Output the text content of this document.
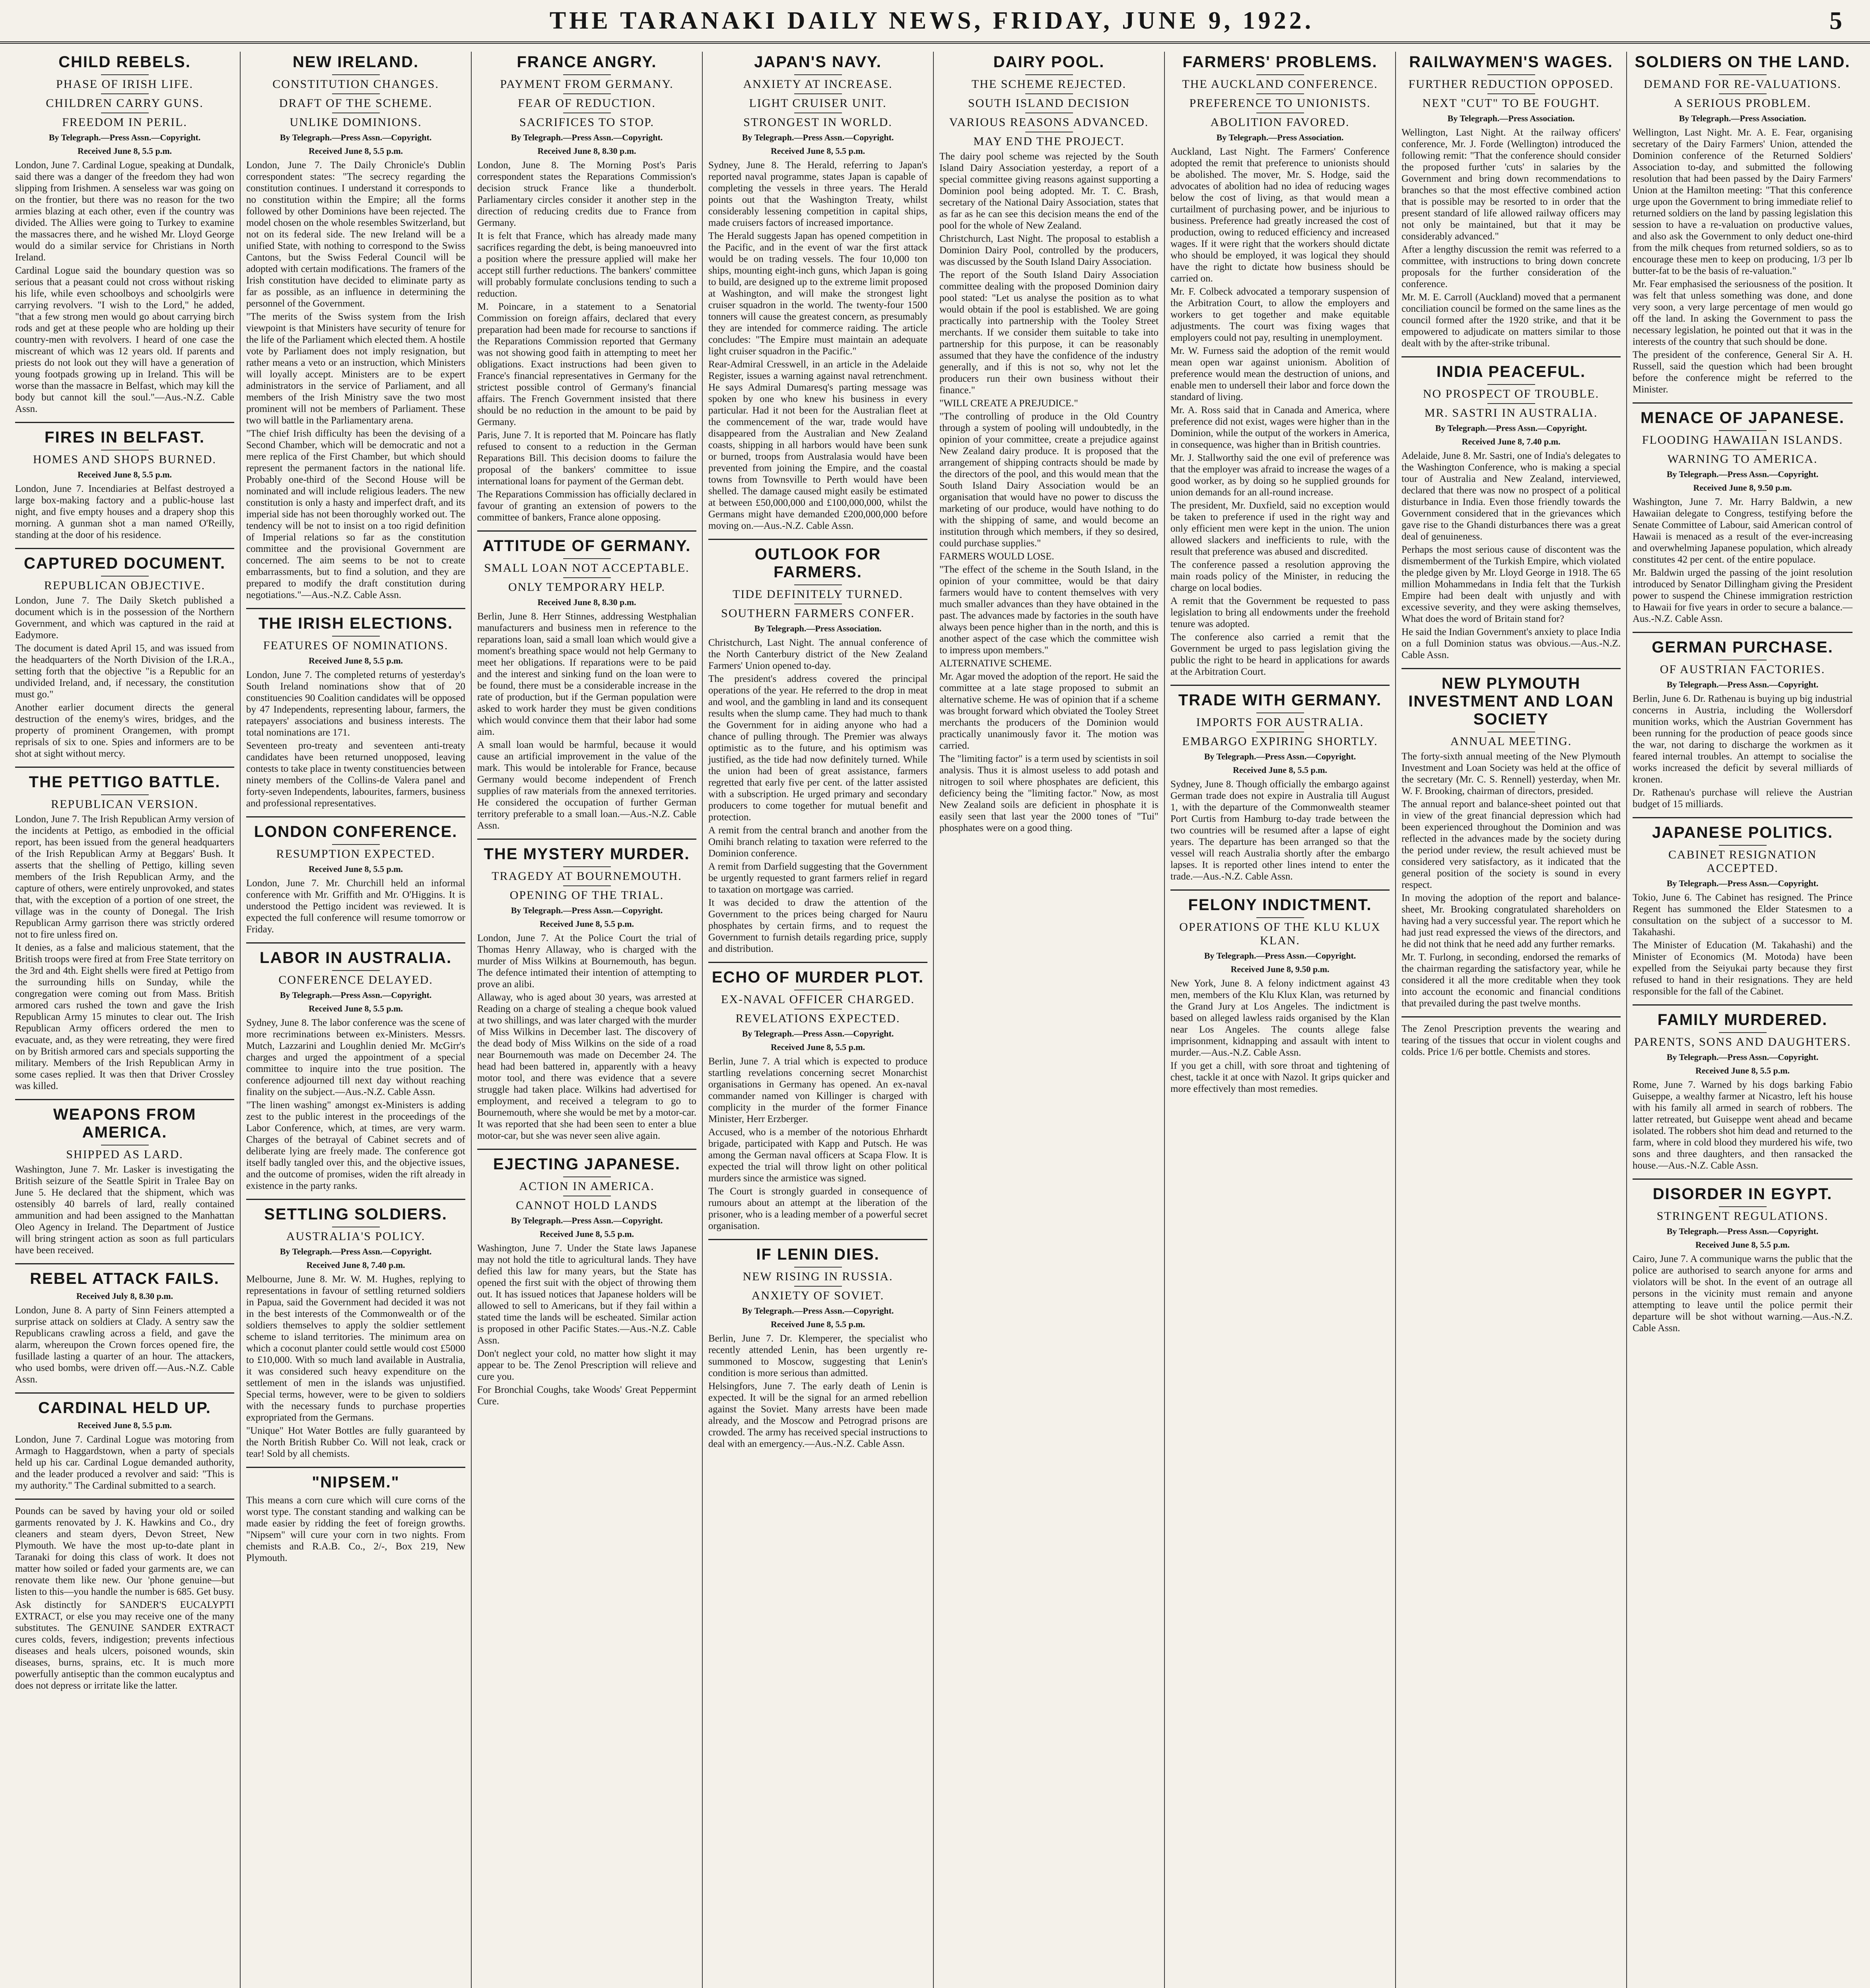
THE TARANAKI DAILY NEWS, FRIDAY, JUNE 9, 1922.	5
CHILD REBELS.
PHASE OF IRISH LIFE.
CHILDREN CARRY GUNS.
FREEDOM IN PERIL.
By Telegraph.—Press Assn.—Copyright.
Received June 8, 5.5 p.m.

London, June 7. Cardinal Logue, speaking at Dundalk, said there was a danger of the freedom they had won slipping from Irishmen. A senseless war was going on on the frontier, but there was no reason for the two armies blazing at each other, even if the country was divided. The Allies were going to Turkey to examine the massacres there, and he wished Mr. Lloyd George would do a similar service for Christians in North Ireland.

Cardinal Logue said the boundary question was so serious that a peasant could not cross without risking his life, while even schoolboys and schoolgirls were carrying revolvers. "I wish to the Lord," he added, "that a few strong men would go about carrying birch rods and get at these people who are holding up their country-men with revolvers. I heard of one case the miscreant of which was 12 years old. If parents and priests do not look out they will have a generation of young footpads growing up in Ireland. This will be worse than the massacre in Belfast, which may kill the body but cannot kill the soul."—Aus.-N.Z. Cable Assn.

FIRES IN BELFAST.
HOMES AND SHOPS BURNED.
Received June 8, 5.5 p.m.

London, June 7. Incendiaries at Belfast destroyed a large box-making factory and a public-house last night, and five empty houses and a drapery shop this morning. A gunman shot a man named O'Reilly, standing at the door of his residence.

CAPTURED DOCUMENT.
REPUBLICAN OBJECTIVE.

London, June 7. The Daily Sketch published a document which is in the possession of the Northern Government, and which was captured in the raid at Eadymore.

The document is dated April 15, and was issued from the headquarters of the North Division of the I.R.A., setting forth that the objective "is a Republic for an undivided Ireland, and, if necessary, the constitution must go."

Another earlier document directs the general destruction of the enemy's wires, bridges, and the property of prominent Orangemen, with prompt reprisals of six to one. Spies and informers are to be shot at sight without mercy.

THE PETTIGO BATTLE.
REPUBLICAN VERSION.

London, June 7. The Irish Republican Army version of the incidents at Pettigo, as embodied in the official report, has been issued from the general headquarters of the Irish Republican Army at Beggars' Bush. It asserts that the shelling of Pettigo, killing seven members of the Irish Republican Army, and the capture of others, were entirely unprovoked, and states that, with the exception of a portion of one street, the village was in the county of Donegal. The Irish Republican Army garrison there was strictly ordered not to fire unless fired on.

It denies, as a false and malicious statement, that the British troops were fired at from Free State territory on the 3rd and 4th. Eight shells were fired at Pettigo from the surrounding hills on Sunday, while the congregation were coming out from Mass. British armored cars rushed the town and gave the Irish Republican Army 15 minutes to clear out. The Irish Republican Army officers ordered the men to evacuate, and, as they were retreating, they were fired on by British armored cars and specials supporting the military. Members of the Irish Republican Army in some cases replied. It was then that Driver Crossley was killed.

WEAPONS FROM AMERICA.
SHIPPED AS LARD.

Washington, June 7. Mr. Lasker is investigating the British seizure of the Seattle Spirit in Tralee Bay on June 5. He declared that the shipment, which was ostensibly 40 barrels of lard, really contained ammunition and had been assigned to the Manhattan Oleo Agency in Ireland. The Department of Justice will bring stringent action as soon as full particulars have been received.

REBEL ATTACK FAILS.
Received July 8, 8.30 p.m.

London, June 8. A party of Sinn Feiners attempted a surprise attack on soldiers at Clady. A sentry saw the Republicans crawling across a field, and gave the alarm, whereupon the Crown forces opened fire, the fusillade lasting a quarter of an hour. The attackers, who used bombs, were driven off.—Aus.-N.Z. Cable Assn.

CARDINAL HELD UP.
Received June 8, 5.5 p.m.

London, June 7. Cardinal Logue was motoring from Armagh to Haggardstown, when a party of specials held up his car. Cardinal Logue demanded authority, and the leader produced a revolver and said: "This is my authority." The Cardinal submitted to a search.

Pounds can be saved by having your old or soiled garments renovated by J. K. Hawkins and Co., dry cleaners and steam dyers, Devon Street, New Plymouth. We have the most up-to-date plant in Taranaki for doing this class of work. It does not matter how soiled or faded your garments are, we can renovate them like new. Our 'phone genuine—but listen to this—you handle the number is 685. Get busy.

Ask distinctly for SANDER'S EUCALYPTI EXTRACT, or else you may receive one of the many substitutes. The GENUINE SANDER EXTRACT cures colds, fevers, indigestion; prevents infectious diseases and heals ulcers, poisoned wounds, skin diseases, burns, sprains, etc. It is much more powerfully antiseptic than the common eucalyptus and does not depress or irritate like the latter.

NEW IRELAND.
CONSTITUTION CHANGES.
DRAFT OF THE SCHEME.
UNLIKE DOMINIONS.
By Telegraph.—Press Assn.—Copyright.
Received June 8, 5.5 p.m.

London, June 7. The Daily Chronicle's Dublin correspondent states: "The secrecy regarding the constitution continues. I understand it corresponds to no constitution within the Empire; all the forms followed by other Dominions have been rejected. The model chosen on the whole resembles Switzerland, but not on its federal side. The new Ireland will be a unified State, with nothing to correspond to the Swiss Cantons, but the Swiss Federal Council will be adopted with certain modifications. The framers of the Irish constitution have decided to eliminate party as far as possible, as an influence in determining the personnel of the Government.

"The merits of the Swiss system from the Irish viewpoint is that Ministers have security of tenure for the life of the Parliament which elected them. A hostile vote by Parliament does not imply resignation, but rather means a veto or an instruction, which Ministers will loyally accept. Ministers are to be expert administrators in the service of Parliament, and all members of the Irish Ministry save the two most prominent will not be members of Parliament. These two will battle in the Parliamentary arena.

"The chief Irish difficulty has been the devising of a Second Chamber, which will be democratic and not a mere replica of the First Chamber, but which should represent the permanent factors in the national life. Probably one-third of the Second House will be nominated and will include religious leaders. The new constitution is only a hasty and imperfect draft, and its imperial side has not been thoroughly worked out. The tendency will be not to insist on a too rigid definition of Imperial relations so far as the constitution committee and the provisional Government are concerned. The aim seems to be not to create embarrassments, but to find a solution, and they are prepared to modify the draft constitution during negotiations."—Aus.-N.Z. Cable Assn.

THE IRISH ELECTIONS.
FEATURES OF NOMINATIONS.
Received June 8, 5.5 p.m.

London, June 7. The completed returns of yesterday's South Ireland nominations show that of 20 constituencies 90 Coalition candidates will be opposed by 47 Independents, representing labour, farmers, the ratepayers' associations and business interests. The total nominations are 171.

Seventeen pro-treaty and seventeen anti-treaty candidates have been returned unopposed, leaving contests to take place in twenty constituencies between ninety members of the Collins-de Valera panel and forty-seven Independents, labourites, farmers, business and professional representatives.

LONDON CONFERENCE.
RESUMPTION EXPECTED.
Received June 8, 5.5 p.m.

London, June 7. Mr. Churchill held an informal conference with Mr. Griffith and Mr. O'Higgins. It is understood the Pettigo incident was reviewed. It is expected the full conference will resume tomorrow or Friday.

LABOR IN AUSTRALIA.
CONFERENCE DELAYED.
By Telegraph.—Press Assn.—Copyright.
Received June 8, 5.5 p.m.

Sydney, June 8. The labor conference was the scene of more recriminations between ex-Ministers. Messrs. Mutch, Lazzarini and Loughlin denied Mr. McGirr's charges and urged the appointment of a special committee to inquire into the true position. The conference adjourned till next day without reaching finality on the subject.—Aus.-N.Z. Cable Assn.

"The linen washing" amongst ex-Ministers is adding zest to the public interest in the proceedings of the Labor Conference, which, at times, are very warm. Charges of the betrayal of Cabinet secrets and of deliberate lying are freely made. The conference got itself badly tangled over this, and the objective issues, and the outcome of promises, widen the rift already in existence in the party ranks.

SETTLING SOLDIERS.
AUSTRALIA'S POLICY.
By Telegraph.—Press Assn.—Copyright.
Received June 8, 7.40 p.m.

Melbourne, June 8. Mr. W. M. Hughes, replying to representations in favour of settling returned soldiers in Papua, said the Government had decided it was not in the best interests of the Commonwealth or of the soldiers themselves to apply the soldier settlement scheme to island territories. The minimum area on which a coconut planter could settle would cost £5000 to £10,000. With so much land available in Australia, it was considered such heavy expenditure on the settlement of men in the islands was unjustified. Special terms, however, were to be given to soldiers with the necessary funds to purchase properties expropriated from the Germans.

"Unique" Hot Water Bottles are fully guaranteed by the North British Rubber Co. Will not leak, crack or tear! Sold by all chemists.

"NIPSEM."

This means a corn cure which will cure corns of the worst type. The constant standing and walking can be made easier by ridding the feet of foreign growths. "Nipsem" will cure your corn in two nights. From chemists and R.A.B. Co., 2/-, Box 219, New Plymouth.

FRANCE ANGRY.
PAYMENT FROM GERMANY.
FEAR OF REDUCTION.
SACRIFICES TO STOP.
By Telegraph.—Press Assn.—Copyright.
Received June 8, 8.30 p.m.

London, June 8. The Morning Post's Paris correspondent states the Reparations Commission's decision struck France like a thunderbolt. Parliamentary circles consider it another step in the direction of reducing credits due to France from Germany.

It is felt that France, which has already made many sacrifices regarding the debt, is being manoeuvred into a position where the pressure applied will make her accept still further reductions. The bankers' committee will probably formulate conclusions tending to such a reduction.

M. Poincare, in a statement to a Senatorial Commission on foreign affairs, declared that every preparation had been made for recourse to sanctions if the Reparations Commission reported that Germany was not showing good faith in attempting to meet her obligations. Exact instructions had been given to France's financial representatives in Germany for the strictest possible control of Germany's financial affairs. The French Government insisted that there should be no reduction in the amount to be paid by Germany.

Paris, June 7. It is reported that M. Poincare has flatly refused to consent to a reduction in the German Reparations Bill. This decision dooms to failure the proposal of the bankers' committee to issue international loans for payment of the German debt.

The Reparations Commission has officially declared in favour of granting an extension of powers to the committee of bankers, France alone opposing.

ATTITUDE OF GERMANY.
SMALL LOAN NOT ACCEPTABLE.
ONLY TEMPORARY HELP.
Received June 8, 8.30 p.m.

Berlin, June 8. Herr Stinnes, addressing Westphalian manufacturers and business men in reference to the reparations loan, said a small loan which would give a moment's breathing space would not help Germany to meet her obligations. If reparations were to be paid and the interest and sinking fund on the loan were to be found, there must be a considerable increase in the rate of production, but if the German population were asked to work harder they must be given conditions which would convince them that their labor had some aim.

A small loan would be harmful, because it would cause an artificial improvement in the value of the mark. This would be intolerable for France, because Germany would become independent of French supplies of raw materials from the annexed territories. He considered the occupation of further German territory preferable to a small loan.—Aus.-N.Z. Cable Assn.

THE MYSTERY MURDER.
TRAGEDY AT BOURNEMOUTH.
OPENING OF THE TRIAL.
By Telegraph.—Press Assn.—Copyright.
Received June 8, 5.5 p.m.

London, June 7. At the Police Court the trial of Thomas Henry Allaway, who is charged with the murder of Miss Wilkins at Bournemouth, has begun. The defence intimated their intention of attempting to prove an alibi.

Allaway, who is aged about 30 years, was arrested at Reading on a charge of stealing a cheque book valued at two shillings, and was later charged with the murder of Miss Wilkins in December last. The discovery of the dead body of Miss Wilkins on the side of a road near Bournemouth was made on December 24. The head had been battered in, apparently with a heavy motor tool, and there was evidence that a severe struggle had taken place. Wilkins had advertised for employment, and received a telegram to go to Bournemouth, where she would be met by a motor-car. It was reported that she had been seen to enter a blue motor-car, but she was never seen alive again.

EJECTING JAPANESE.
ACTION IN AMERICA.
CANNOT HOLD LANDS
By Telegraph.—Press Assn.—Copyright.
Received June 8, 5.5 p.m.

Washington, June 7. Under the State laws Japanese may not hold the title to agricultural lands. They have defied this law for many years, but the State has opened the first suit with the object of throwing them out. It has issued notices that Japanese holders will be allowed to sell to Americans, but if they fail within a stated time the lands will be escheated. Similar action is proposed in other Pacific States.—Aus.-N.Z. Cable Assn.

Don't neglect your cold, no matter how slight it may appear to be. The Zenol Prescription will relieve and cure you.

For Bronchial Coughs, take Woods' Great Peppermint Cure.

JAPAN'S NAVY.
ANXIETY AT INCREASE.
LIGHT CRUISER UNIT.
STRONGEST IN WORLD.
By Telegraph.—Press Assn.—Copyright.
Received June 8, 5.5 p.m.

Sydney, June 8. The Herald, referring to Japan's reported naval programme, states Japan is capable of completing the vessels in three years. The Herald points out that the Washington Treaty, whilst considerably lessening competition in capital ships, made cruisers factors of increased importance.

The Herald suggests Japan has opened competition in the Pacific, and in the event of war the first attack would be on trading vessels. The four 10,000 ton ships, mounting eight-inch guns, which Japan is going to build, are designed up to the extreme limit proposed at Washington, and will make the strongest light cruiser squadron in the world. The twenty-four 1500 tonners will cause the greatest concern, as presumably they are intended for commerce raiding. The article concludes: "The Empire must maintain an adequate light cruiser squadron in the Pacific."

Rear-Admiral Cresswell, in an article in the Adelaide Register, issues a warning against naval retrenchment. He says Admiral Dumaresq's parting message was spoken by one who knew his business in every particular. Had it not been for the Australian fleet at the commencement of the war, trade would have disappeared from the Australian and New Zealand coasts, shipping in all harbors would have been sunk or burned, troops from Australasia would have been prevented from joining the Empire, and the coastal towns from Townsville to Perth would have been shelled. The damage caused might easily be estimated at between £50,000,000 and £100,000,000, whilst the Germans might have demanded £200,000,000 before moving on.—Aus.-N.Z. Cable Assn.

OUTLOOK FOR FARMERS.
TIDE DEFINITELY TURNED.
SOUTHERN FARMERS CONFER.
By Telegraph.—Press Association.

Christchurch, Last Night. The annual conference of the North Canterbury district of the New Zealand Farmers' Union opened to-day.

The president's address covered the principal operations of the year. He referred to the drop in meat and wool, and the gambling in land and its consequent results when the slump came. They had much to thank the Government for in aiding anyone who had a chance of pulling through. The Premier was always optimistic as to the future, and his optimism was justified, as the tide had now definitely turned. While the union had been of great assistance, farmers regretted that early five per cent. of the latter assisted with a subscription. He urged primary and secondary producers to come together for mutual benefit and protection.

A remit from the central branch and another from the Omihi branch relating to taxation were referred to the Dominion conference.

A remit from Darfield suggesting that the Government be urgently requested to grant farmers relief in regard to taxation on mortgage was carried.

It was decided to draw the attention of the Government to the prices being charged for Nauru phosphates by certain firms, and to request the Government to furnish details regarding price, supply and distribution.

ECHO OF MURDER PLOT.
EX-NAVAL OFFICER CHARGED.
REVELATIONS EXPECTED.
By Telegraph.—Press Assn.—Copyright.
Received June 8, 5.5 p.m.

Berlin, June 7. A trial which is expected to produce startling revelations concerning secret Monarchist organisations in Germany has opened. An ex-naval commander named von Killinger is charged with complicity in the murder of the former Finance Minister, Herr Erzberger.

Accused, who is a member of the notorious Ehrhardt brigade, participated with Kapp and Putsch. He was among the German naval officers at Scapa Flow. It is expected the trial will throw light on other political murders since the armistice was signed.

The Court is strongly guarded in consequence of rumours about an attempt at the liberation of the prisoner, who is a leading member of a powerful secret organisation.

IF LENIN DIES.
NEW RISING IN RUSSIA.
ANXIETY OF SOVIET.
By Telegraph.—Press Assn.—Copyright.
Received June 8, 5.5 p.m.

Berlin, June 7. Dr. Klemperer, the specialist who recently attended Lenin, has been urgently re-summoned to Moscow, suggesting that Lenin's condition is more serious than admitted.

Helsingfors, June 7. The early death of Lenin is expected. It will be the signal for an armed rebellion against the Soviet. Many arrests have been made already, and the Moscow and Petrograd prisons are crowded. The army has received special instructions to deal with an emergency.—Aus.-N.Z. Cable Assn.

DAIRY POOL.
THE SCHEME REJECTED.
SOUTH ISLAND DECISION
VARIOUS REASONS ADVANCED.
MAY END THE PROJECT.

The dairy pool scheme was rejected by the South Island Dairy Association yesterday, a report of a special committee giving reasons against supporting a Dominion pool being adopted. Mr. T. C. Brash, secretary of the National Dairy Association, states that as far as he can see this decision means the end of the pool for the whole of New Zealand.

Christchurch, Last Night. The proposal to establish a Dominion Dairy Pool, controlled by the producers, was discussed by the South Island Dairy Association.

The report of the South Island Dairy Association committee dealing with the proposed Dominion dairy pool stated: "Let us analyse the position as to what would obtain if the pool is established. We are going practically into partnership with the Tooley Street merchants. If we consider them suitable to take into partnership for this purpose, it can be reasonably assumed that they have the confidence of the industry generally, and if this is not so, why not let the producers run their own business without their finance."

"WILL CREATE A PREJUDICE."

"The controlling of produce in the Old Country through a system of pooling will undoubtedly, in the opinion of your committee, create a prejudice against New Zealand dairy produce. It is proposed that the arrangement of shipping contracts should be made by the directors of the pool, and this would mean that the South Island Dairy Association would be an organisation that would have no power to discuss the marketing of our produce, would have nothing to do with the shipping of same, and would become an institution through which members, if they so desired, could purchase supplies."

FARMERS WOULD LOSE.

"The effect of the scheme in the South Island, in the opinion of your committee, would be that dairy farmers would have to content themselves with very much smaller advances than they have obtained in the past. The advances made by factories in the south have always been pence higher than in the north, and this is another aspect of the case which the committee wish to impress upon members."

ALTERNATIVE SCHEME.

Mr. Agar moved the adoption of the report. He said the committee at a late stage proposed to submit an alternative scheme. He was of opinion that if a scheme was brought forward which obviated the Tooley Street merchants the producers of the Dominion would practically unanimously favor it. The motion was carried.

The "limiting factor" is a term used by scientists in soil analysis. Thus it is almost useless to add potash and nitrogen to soil where phosphates are deficient, this deficiency being the "limiting factor." Now, as most New Zealand soils are deficient in phosphate it is easily seen that last year the 2000 tones of "Tui" phosphates were on a good thing.

FARMERS' PROBLEMS.
THE AUCKLAND CONFERENCE.
PREFERENCE TO UNIONISTS.
ABOLITION FAVORED.
By Telegraph.—Press Association.

Auckland, Last Night. The Farmers' Conference adopted the remit that preference to unionists should be abolished. The mover, Mr. S. Hodge, said the advocates of abolition had no idea of reducing wages below the cost of living, as that would mean a curtailment of purchasing power, and be injurious to business. Preference had greatly increased the cost of production, owing to reduced efficiency and increased wages. If it were right that the workers should dictate who should be employed, it was logical they should have the right to dictate how business should be carried on.

Mr. F. Colbeck advocated a temporary suspension of the Arbitration Court, to allow the employers and workers to get together and make equitable adjustments. The court was fixing wages that employers could not pay, resulting in unemployment.

Mr. W. Furness said the adoption of the remit would mean open war against unionism. Abolition of preference would mean the destruction of unions, and enable men to undersell their labor and force down the standard of living.

Mr. A. Ross said that in Canada and America, where preference did not exist, wages were higher than in the Dominion, while the output of the workers in America, in consequence, was higher than in British countries.

Mr. J. Stallworthy said the one evil of preference was that the employer was afraid to increase the wages of a good worker, as by doing so he supplied grounds for union demands for an all-round increase.

The president, Mr. Duxfield, said no exception would be taken to preference if used in the right way and only efficient men were kept in the union. The union allowed slackers and inefficients to rule, with the result that preference was abused and discredited.

The conference passed a resolution approving the main roads policy of the Minister, in reducing the charge on local bodies.

A remit that the Government be requested to pass legislation to bring all endowments under the freehold tenure was adopted.

The conference also carried a remit that the Government be urged to pass legislation giving the public the right to be heard in applications for awards at the Arbitration Court.

TRADE WITH GERMANY.
IMPORTS FOR AUSTRALIA.
EMBARGO EXPIRING SHORTLY.
By Telegraph.—Press Assn.—Copyright.
Received June 8, 5.5 p.m.

Sydney, June 8. Though officially the embargo against German trade does not expire in Australia till August 1, with the departure of the Commonwealth steamer Port Curtis from Hamburg to-day trade between the two countries will be resumed after a lapse of eight years. The departure has been arranged so that the vessel will reach Australia shortly after the embargo lapses. It is reported other lines intend to enter the trade.—Aus.-N.Z. Cable Assn.

FELONY INDICTMENT.
OPERATIONS OF THE KLU KLUX KLAN.
By Telegraph.—Press Assn.—Copyright.
Received June 8, 9.50 p.m.

New York, June 8. A felony indictment against 43 men, members of the Klu Klux Klan, was returned by the Grand Jury at Los Angeles. The indictment is based on alleged lawless raids organised by the Klan near Los Angeles. The counts allege false imprisonment, kidnapping and assault with intent to murder.—Aus.-N.Z. Cable Assn.

If you get a chill, with sore throat and tightening of chest, tackle it at once with Nazol. It grips quicker and more effectively than most remedies.

RAILWAYMEN'S WAGES.
FURTHER REDUCTION OPPOSED.
NEXT "CUT" TO BE FOUGHT.
By Telegraph.—Press Association.

Wellington, Last Night. At the railway officers' conference, Mr. J. Forde (Wellington) introduced the following remit: "That the conference should consider the proposed further 'cuts' in salaries by the Government and bring down recommendations to branches so that the most effective combined action that is possible may be resorted to in order that the present standard of life allowed railway officers may not only be maintained, but that it may be considerably advanced."

After a lengthy discussion the remit was referred to a committee, with instructions to bring down concrete proposals for the further consideration of the conference.

Mr. M. E. Carroll (Auckland) moved that a permanent conciliation council be formed on the same lines as the council formed after the 1920 strike, and that it be empowered to adjudicate on matters similar to those dealt with by the after-strike tribunal.

INDIA PEACEFUL.
NO PROSPECT OF TROUBLE.
MR. SASTRI IN AUSTRALIA.
By Telegraph.—Press Assn.—Copyright.
Received June 8, 7.40 p.m.

Adelaide, June 8. Mr. Sastri, one of India's delegates to the Washington Conference, who is making a special tour of Australia and New Zealand, interviewed, declared that there was now no prospect of a political disturbance in India. Even those friendly towards the Government considered that in the grievances which gave rise to the Ghandi disturbances there was a great deal of genuineness.

Perhaps the most serious cause of discontent was the dismemberment of the Turkish Empire, which violated the pledge given by Mr. Lloyd George in 1918. The 65 million Mohammedans in India felt that the Turkish Empire had been dealt with unjustly and with excessive severity, and they were asking themselves, What does the word of Britain stand for?

He said the Indian Government's anxiety to place India on a full Dominion status was obvious.—Aus.-N.Z. Cable Assn.

NEW PLYMOUTH INVESTMENT AND LOAN SOCIETY
ANNUAL MEETING.

The forty-sixth annual meeting of the New Plymouth Investment and Loan Society was held at the office of the secretary (Mr. C. S. Rennell) yesterday, when Mr. W. F. Brooking, chairman of directors, presided.

The annual report and balance-sheet pointed out that in view of the great financial depression which had been experienced throughout the Dominion and was reflected in the advances made by the society during the period under review, the result achieved must be considered very satisfactory, as it indicated that the general position of the society is sound in every respect.

In moving the adoption of the report and balance-sheet, Mr. Brooking congratulated shareholders on having had a very successful year. The report which he had just read expressed the views of the directors, and he did not think that he need add any further remarks.

Mr. T. Furlong, in seconding, endorsed the remarks of the chairman regarding the satisfactory year, while he considered it all the more creditable when they took into account the economic and financial conditions that prevailed during the past twelve months.

The Zenol Prescription prevents the wearing and tearing of the tissues that occur in violent coughs and colds. Price 1/6 per bottle. Chemists and stores.

SOLDIERS ON THE LAND.
DEMAND FOR RE-VALUATIONS.
A SERIOUS PROBLEM.
By Telegraph.—Press Association.

Wellington, Last Night. Mr. A. E. Fear, organising secretary of the Dairy Farmers' Union, attended the Dominion conference of the Returned Soldiers' Association to-day, and submitted the following resolution that had been passed by the Dairy Farmers' Union at the Hamilton meeting: "That this conference urge upon the Government to bring immediate relief to returned soldiers on the land by passing legislation this session to have a re-valuation on productive values, and also ask the Government to only deduct one-third from the milk cheques from returned soldiers, so as to encourage these men to keep on producing, 1/3 per lb butter-fat to be the basis of re-valuation."

Mr. Fear emphasised the seriousness of the position. It was felt that unless something was done, and done very soon, a very large percentage of men would go off the land. In asking the Government to pass the necessary legislation, he pointed out that it was in the interests of the country that such should be done.

The president of the conference, General Sir A. H. Russell, said the question which had been brought before the conference might be referred to the Minister.

MENACE OF JAPANESE.
FLOODING HAWAIIAN ISLANDS.
WARNING TO AMERICA.
By Telegraph.—Press Assn.—Copyright.
Received June 8, 9.50 p.m.

Washington, June 7. Mr. Harry Baldwin, a new Hawaiian delegate to Congress, testifying before the Senate Committee of Labour, said American control of Hawaii is menaced as a result of the ever-increasing and overwhelming Japanese population, which already constitutes 42 per cent. of the entire populace.

Mr. Baldwin urged the passing of the joint resolution introduced by Senator Dillingham giving the President power to suspend the Chinese immigration restriction to Hawaii for five years in order to secure a balance.—Aus.-N.Z. Cable Assn.

GERMAN PURCHASE.
OF AUSTRIAN FACTORIES.
By Telegraph.—Press Assn.—Copyright.

Berlin, June 6. Dr. Rathenau is buying up big industrial concerns in Austria, including the Wollersdorf munition works, which the Austrian Government has been running for the production of peace goods since the war, not daring to discharge the workmen as it feared internal troubles. An attempt to socialise the works increased the deficit by several milliards of kronen.

Dr. Rathenau's purchase will relieve the Austrian budget of 15 milliards.

JAPANESE POLITICS.
CABINET RESIGNATION ACCEPTED.
By Telegraph.—Press Assn.—Copyright.

Tokio, June 6. The Cabinet has resigned. The Prince Regent has summoned the Elder Statesmen to a consultation on the subject of a successor to M. Takahashi.

The Minister of Education (M. Takahashi) and the Minister of Economics (M. Motoda) have been expelled from the Seiyukai party because they first refused to hand in their resignations. They are held responsible for the fall of the Cabinet.

FAMILY MURDERED.
PARENTS, SONS AND DAUGHTERS.
By Telegraph.—Press Assn.—Copyright.
Received June 8, 5.5 p.m.

Rome, June 7. Warned by his dogs barking Fabio Guiseppe, a wealthy farmer at Nicastro, left his house with his family all armed in search of robbers. The latter retreated, but Guiseppe went ahead and became isolated. The robbers shot him dead and returned to the farm, where in cold blood they murdered his wife, two sons and three daughters, and then ransacked the house.—Aus.-N.Z. Cable Assn.

DISORDER IN EGYPT.
STRINGENT REGULATIONS.
By Telegraph.—Press Assn.—Copyright.
Received June 8, 5.5 p.m.

Cairo, June 7. A communique warns the public that the police are authorised to search anyone for arms and violators will be shot. In the event of an outrage all persons in the vicinity must remain and anyone attempting to leave until the police permit their departure will be shot without warning.—Aus.-N.Z. Cable Assn.
